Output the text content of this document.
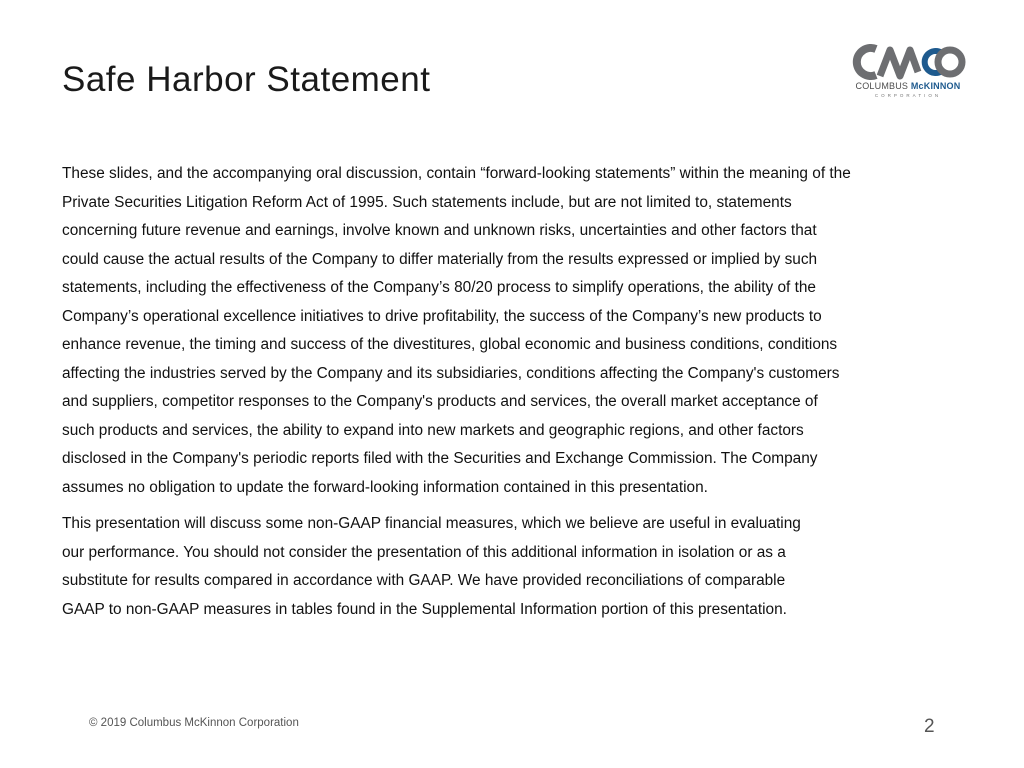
Safe Harbor Statement	COLUMBUS McKINNON
CORPORATION

These slides, and the accompanying oral discussion, contain “forward-looking statements” within the meaning of the
Private Securities Litigation Reform Act of 1995. Such statements include, but are not limited to, statements
concerning future revenue and earnings, involve known and unknown risks, uncertainties and other factors that
could cause the actual results of the Company to differ materially from the results expressed or implied by such
statements, including the effectiveness of the Company’s 80/20 process to simplify operations, the ability of the
Company’s operational excellence initiatives to drive profitability, the success of the Company’s new products to
enhance revenue, the timing and success of the divestitures, global economic and business conditions, conditions
affecting the industries served by the Company and its subsidiaries, conditions affecting the Company's customers
and suppliers, competitor responses to the Company's products and services, the overall market acceptance of
such products and services, the ability to expand into new markets and geographic regions, and other factors
disclosed in the Company's periodic reports filed with the Securities and Exchange Commission. The Company
assumes no obligation to update the forward-looking information contained in this presentation.

This presentation will discuss some non-GAAP financial measures, which we believe are useful in evaluating
our performance. You should not consider the presentation of this additional information in isolation or as a
substitute for results compared in accordance with GAAP. We have provided reconciliations of comparable
GAAP to non-GAAP measures in tables found in the Supplemental Information portion of this presentation.

© 2019 Columbus McKinnon Corporation	2
